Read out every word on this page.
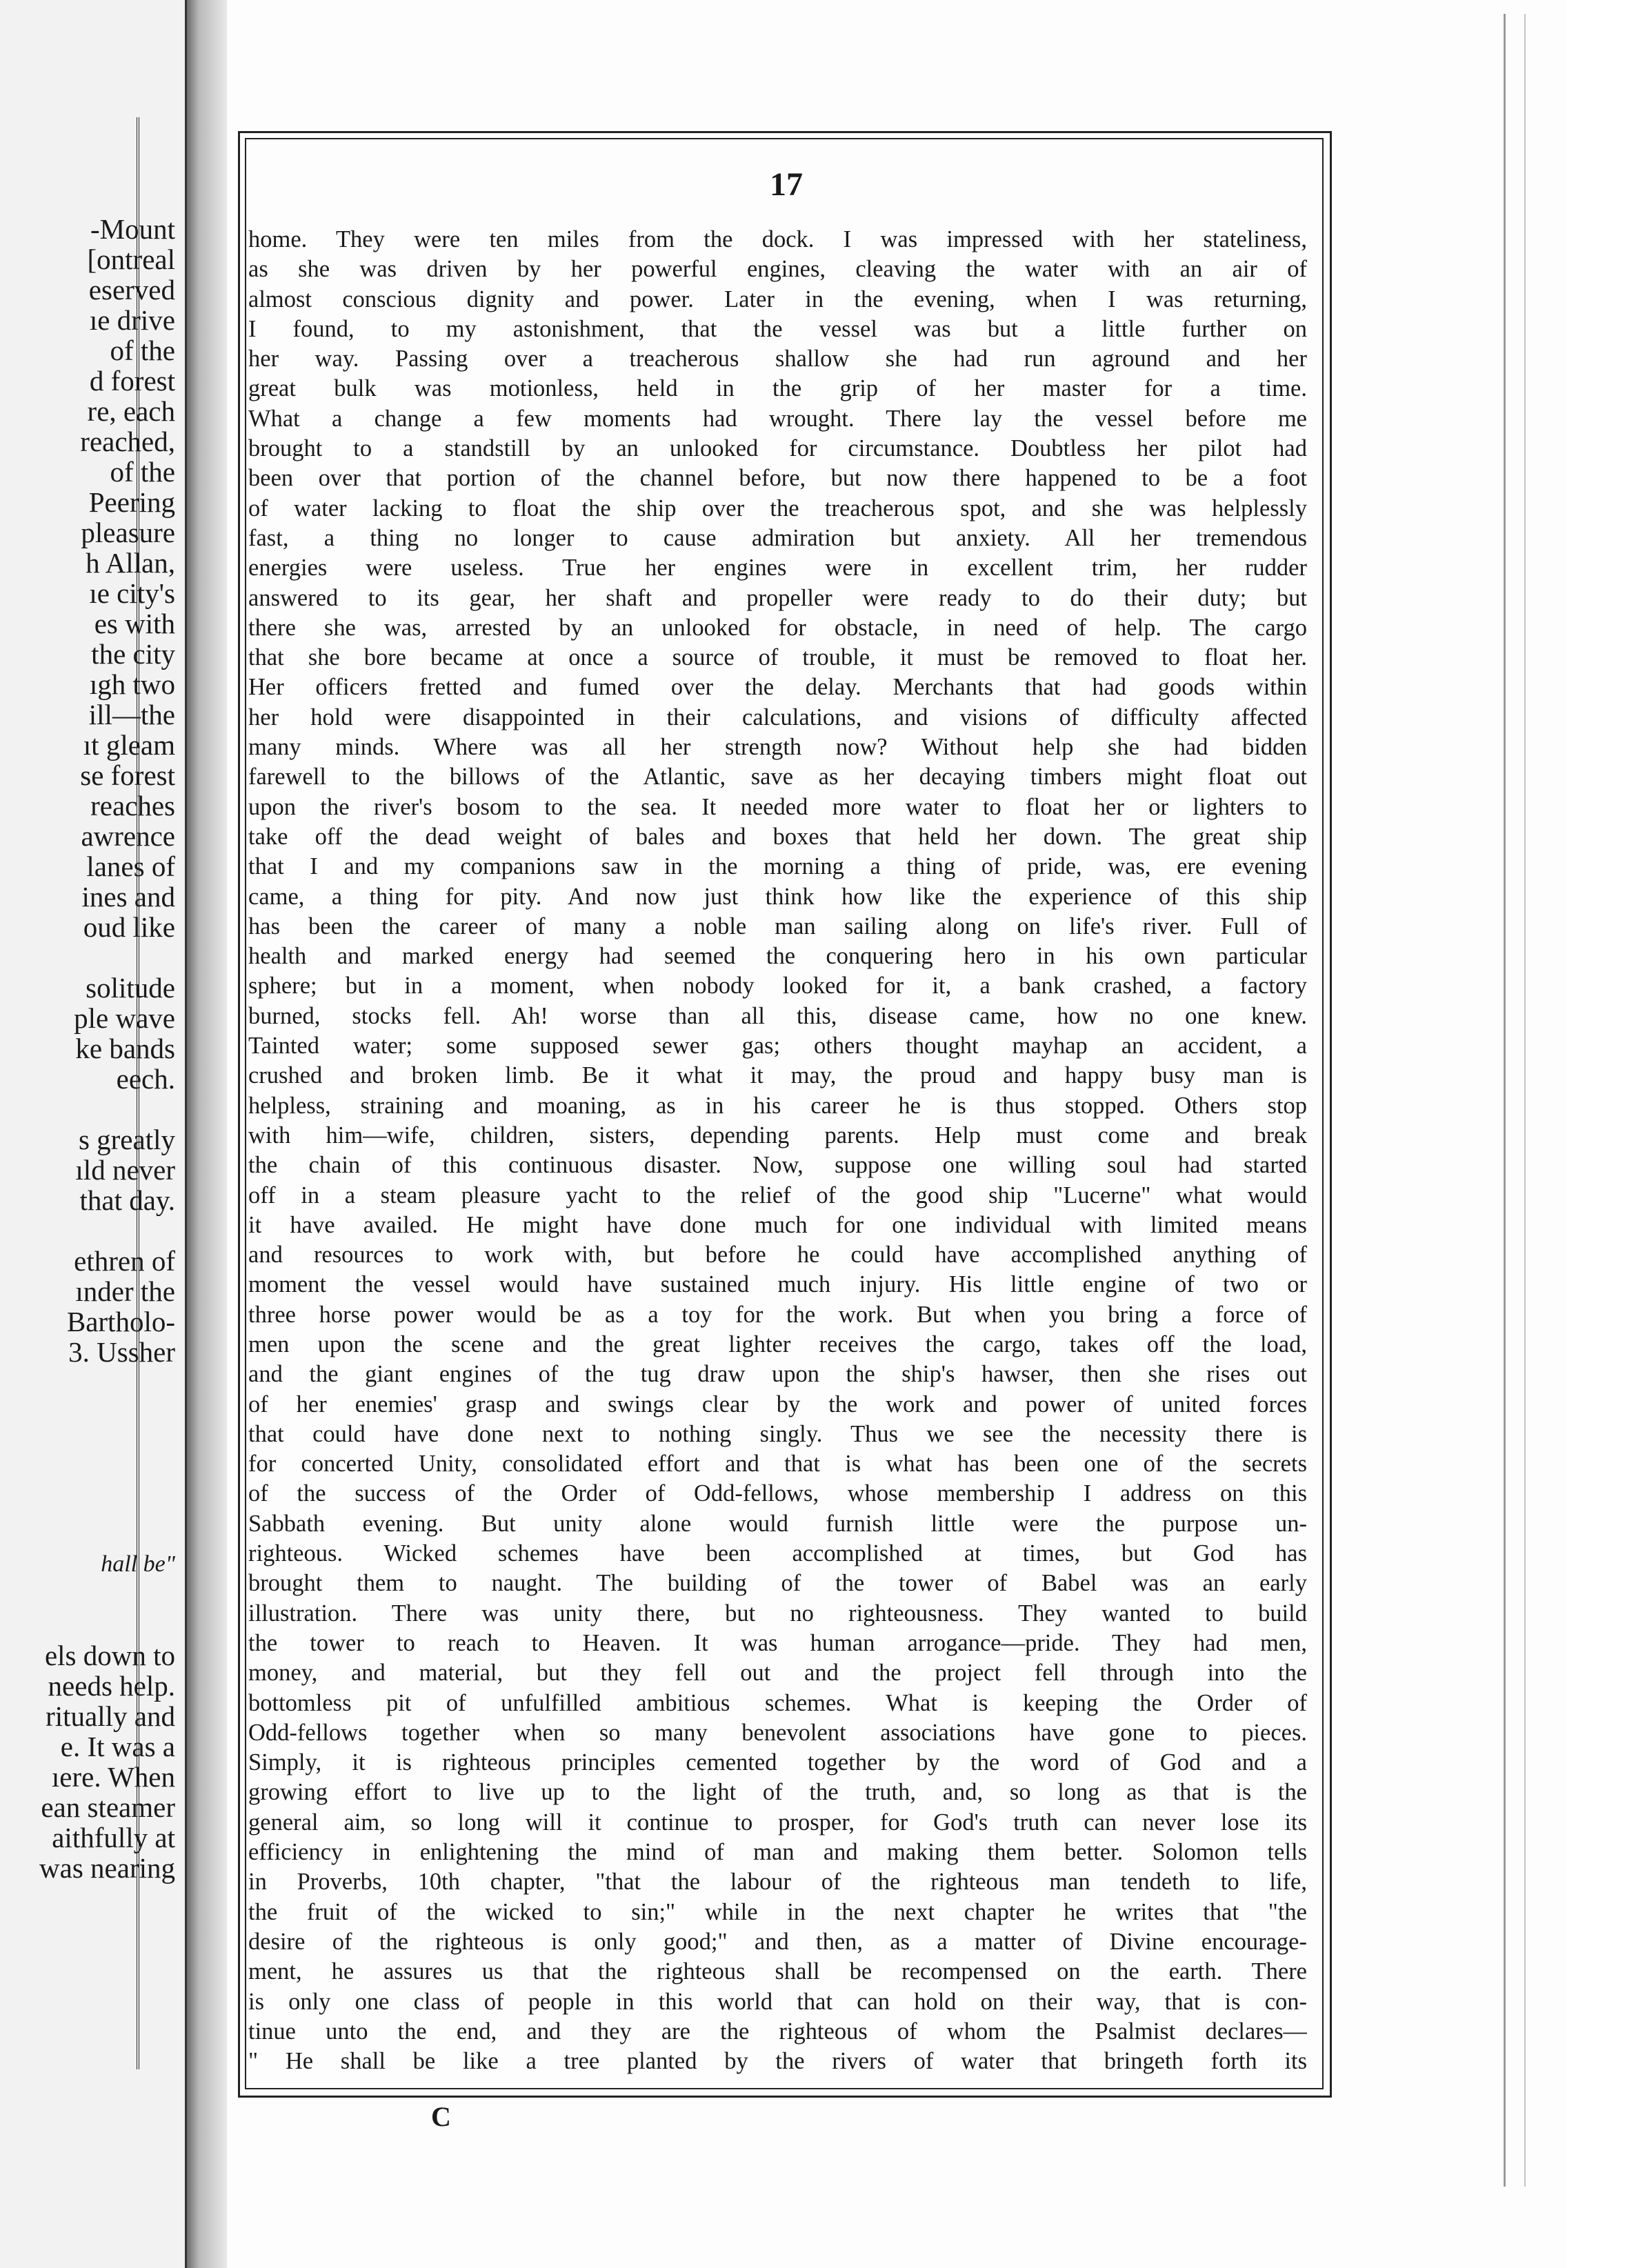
-Mount
[ontreal
eserved
ıe drive
of the
d forest
re, each
reached,
of the
Peering
pleasure
h Allan,
ıe city's
es with
the city
ıgh two
ill—the
ıt gleam
se forest
reaches
awrence
lanes of
ines and
oud like
solitude
ple wave
ke bands
eech.
s greatly
ıld never
that day.
ethren of
ınder the
Bartholo-
3. Ussher
hall be"
els down to
needs help.
ritually and
e. It was a
ıere. When
ean steamer
aithfully at
was nearing
17
home. They were ten miles from the dock. I was impressed with her stateliness,
as she was driven by her powerful engines, cleaving the water with an air of
almost conscious dignity and power. Later in the evening, when I was returning,
I found, to my astonishment, that the vessel was but a little further on
her way. Passing over a treacherous shallow she had run aground and her
great bulk was motionless, held in the grip of her master for a time.
What a change a few moments had wrought. There lay the vessel before me
brought to a standstill by an unlooked for circumstance. Doubtless her pilot had
been over that portion of the channel before, but now there happened to be a foot
of water lacking to float the ship over the treacherous spot, and she was helplessly
fast, a thing no longer to cause admiration but anxiety. All her tremendous
energies were useless. True her engines were in excellent trim, her rudder
answered to its gear, her shaft and propeller were ready to do their duty; but
there she was, arrested by an unlooked for obstacle, in need of help. The cargo
that she bore became at once a source of trouble, it must be removed to float her.
Her officers fretted and fumed over the delay. Merchants that had goods within
her hold were disappointed in their calculations, and visions of difficulty affected
many minds. Where was all her strength now? Without help she had bidden
farewell to the billows of the Atlantic, save as her decaying timbers might float out
upon the river's bosom to the sea. It needed more water to float her or lighters to
take off the dead weight of bales and boxes that held her down. The great ship
that I and my companions saw in the morning a thing of pride, was, ere evening
came, a thing for pity. And now just think how like the experience of this ship
has been the career of many a noble man sailing along on life's river. Full of
health and marked energy had seemed the conquering hero in his own particular
sphere; but in a moment, when nobody looked for it, a bank crashed, a factory
burned, stocks fell. Ah! worse than all this, disease came, how no one knew.
Tainted water; some supposed sewer gas; others thought mayhap an accident, a
crushed and broken limb. Be it what it may, the proud and happy busy man is
helpless, straining and moaning, as in his career he is thus stopped. Others stop
with him—wife, children, sisters, depending parents. Help must come and break
the chain of this continuous disaster. Now, suppose one willing soul had started
off in a steam pleasure yacht to the relief of the good ship "Lucerne" what would
it have availed. He might have done much for one individual with limited means
and resources to work with, but before he could have accomplished anything of
moment the vessel would have sustained much injury. His little engine of two or
three horse power would be as a toy for the work. But when you bring a force of
men upon the scene and the great lighter receives the cargo, takes off the load,
and the giant engines of the tug draw upon the ship's hawser, then she rises out
of her enemies' grasp and swings clear by the work and power of united forces
that could have done next to nothing singly. Thus we see the necessity there is
for concerted Unity, consolidated effort and that is what has been one of the secrets
of the success of the Order of Odd-fellows, whose membership I address on this
Sabbath evening. But unity alone would furnish little were the purpose un-
righteous. Wicked schemes have been accomplished at times, but God has
brought them to naught. The building of the tower of Babel was an early
illustration. There was unity there, but no righteousness. They wanted to build
the tower to reach to Heaven. It was human arrogance—pride. They had men,
money, and material, but they fell out and the project fell through into the
bottomless pit of unfulfilled ambitious schemes. What is keeping the Order of
Odd-fellows together when so many benevolent associations have gone to pieces.
Simply, it is righteous principles cemented together by the word of God and a
growing effort to live up to the light of the truth, and, so long as that is the
general aim, so long will it continue to prosper, for God's truth can never lose its
efficiency in enlightening the mind of man and making them better. Solomon tells
in Proverbs, 10th chapter, "that the labour of the righteous man tendeth to life,
the fruit of the wicked to sin;" while in the next chapter he writes that "the
desire of the righteous is only good;" and then, as a matter of Divine encourage-
ment, he assures us that the righteous shall be recompensed on the earth. There
is only one class of people in this world that can hold on their way, that is con-
tinue unto the end, and they are the righteous of whom the Psalmist declares—
" He shall be like a tree planted by the rivers of water that bringeth forth its
C
